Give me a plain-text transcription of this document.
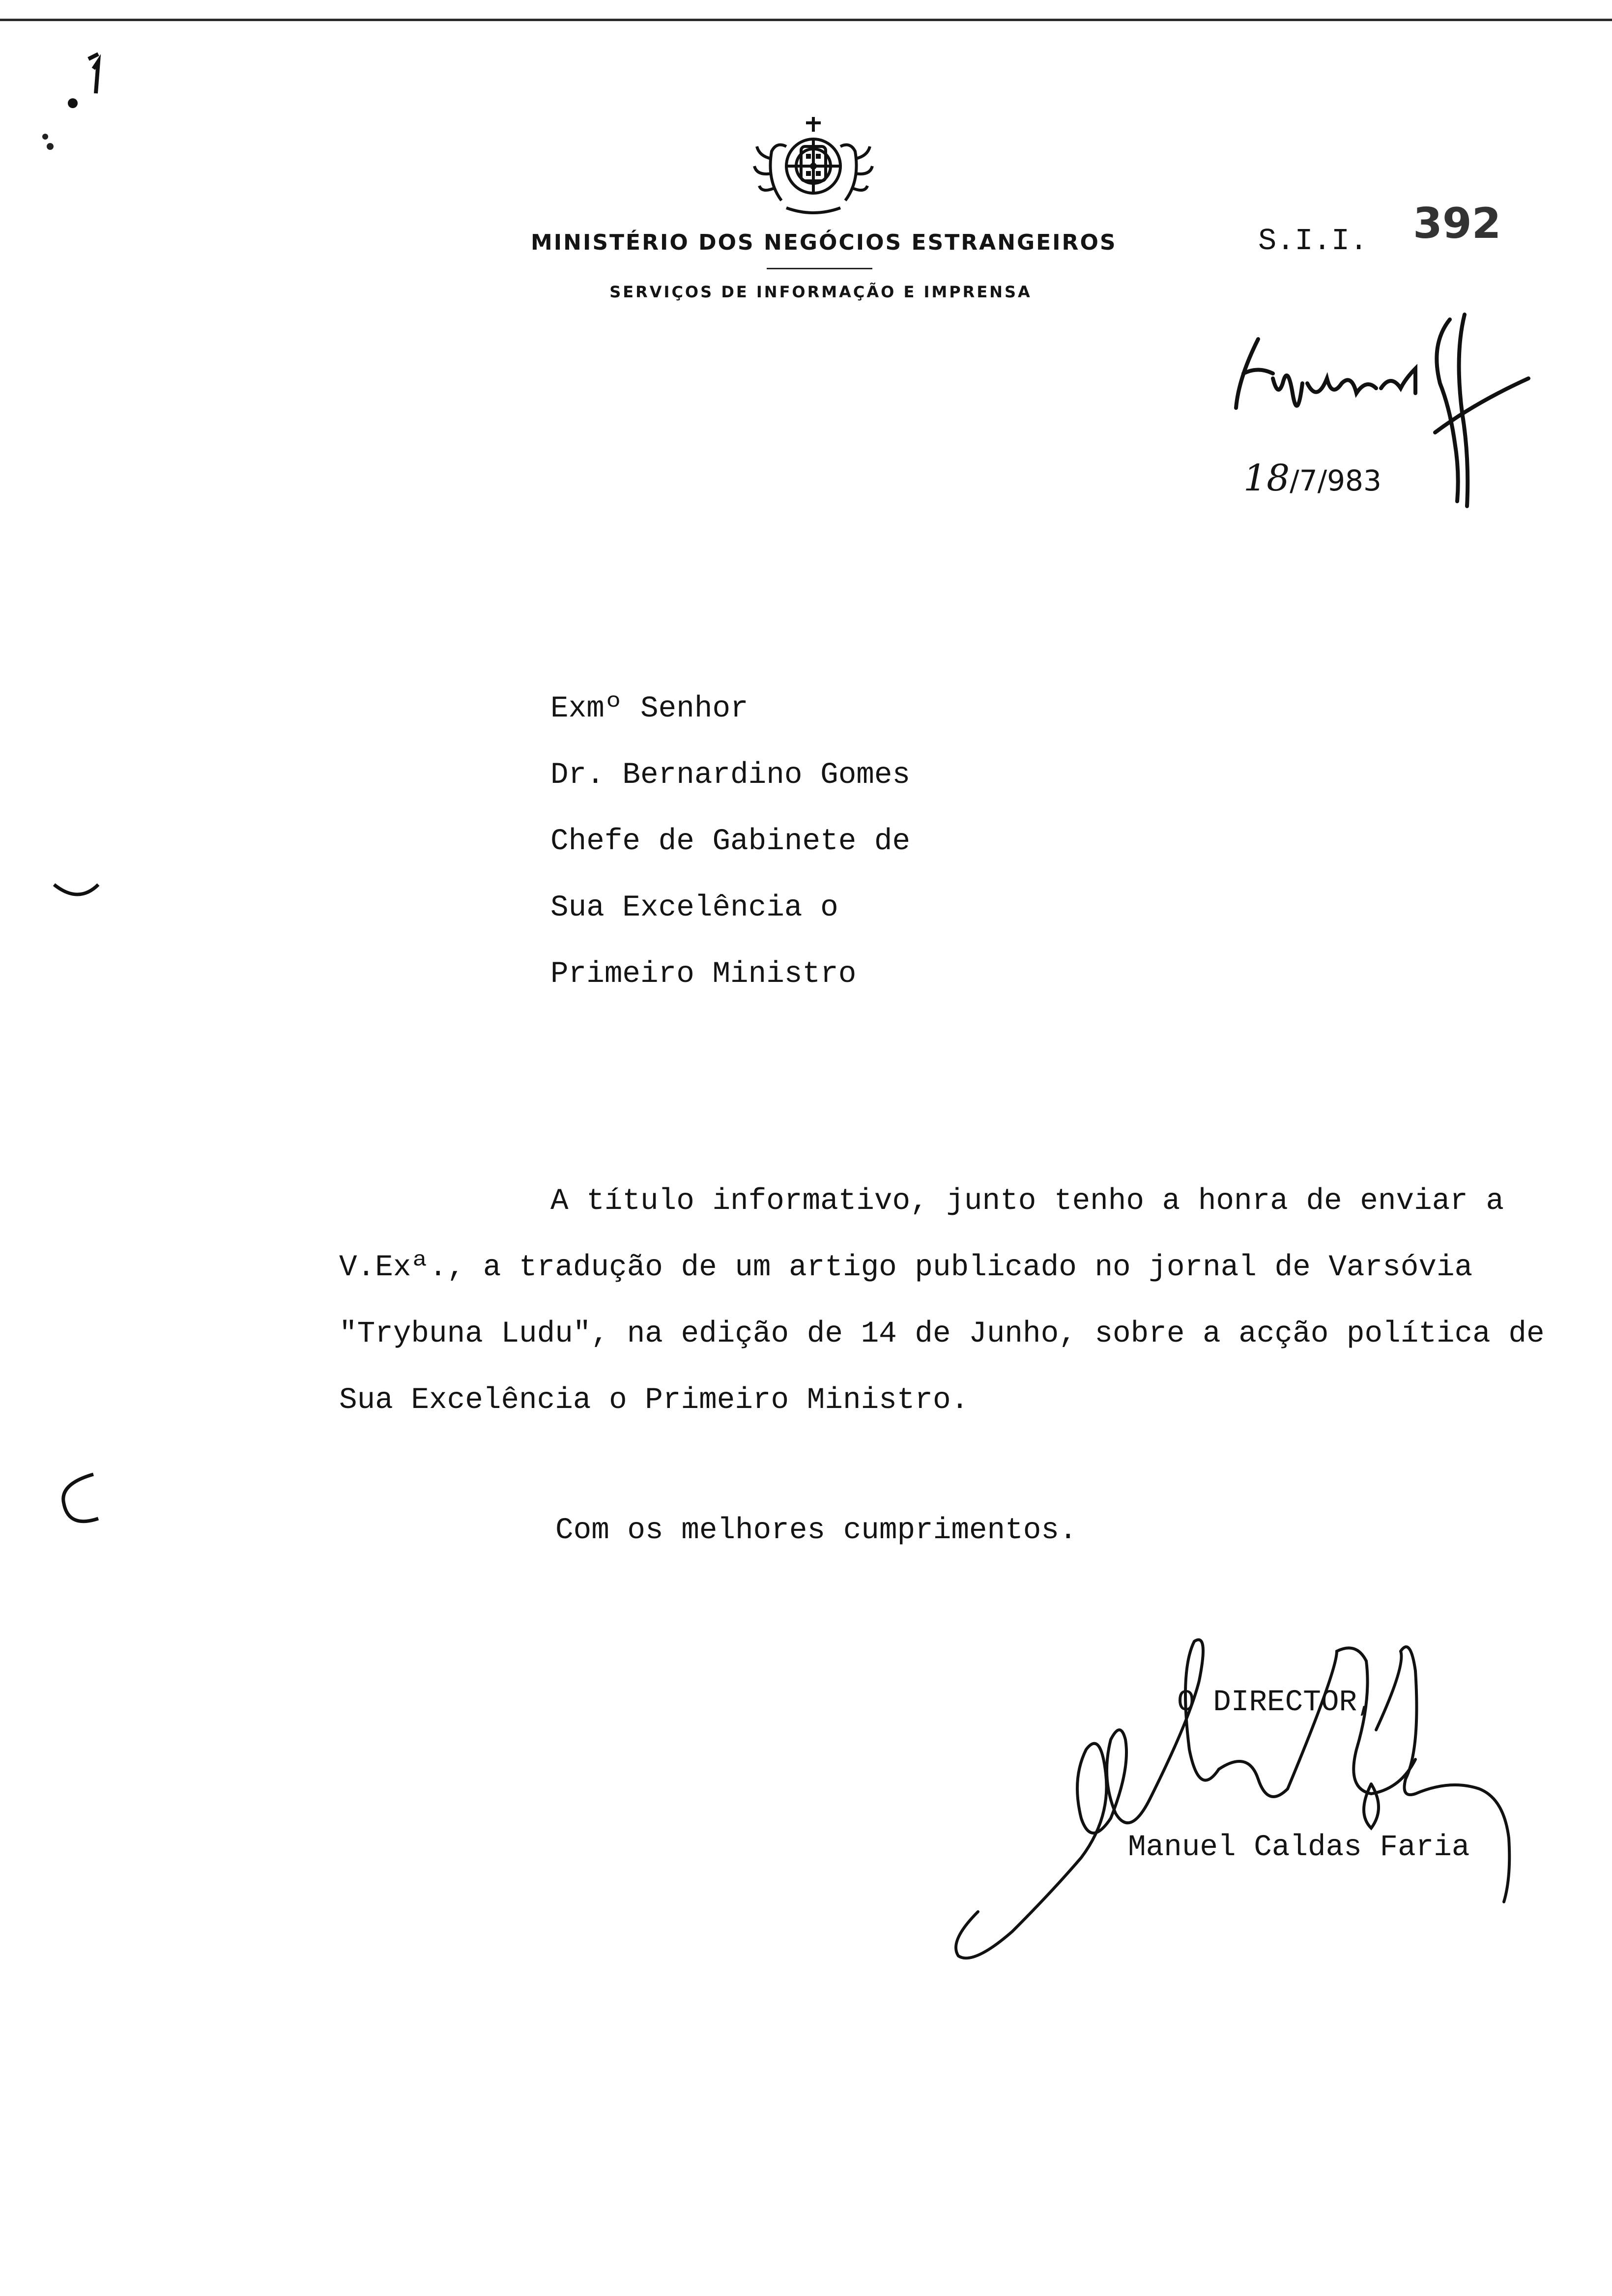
MINISTÉRIO DOS NEGÓCIOS ESTRANGEIROS
SERVIÇOS DE INFORMAÇÃO E IMPRENSA
S.I.I. 392
18/7/983
Exmº Senhor
Dr. Bernardino Gomes
Chefe de Gabinete de
Sua Excelência o
Primeiro Ministro
A título informativo, junto tenho a honra de enviar a
V.Exª., a tradução de um artigo publicado no jornal de Varsóvia
"Trybuna Ludu", na edição de 14 de Junho, sobre a acção política de
Sua Excelência o Primeiro Ministro.
Com os melhores cumprimentos.
O DIRECTOR,
Manuel Caldas Faria
